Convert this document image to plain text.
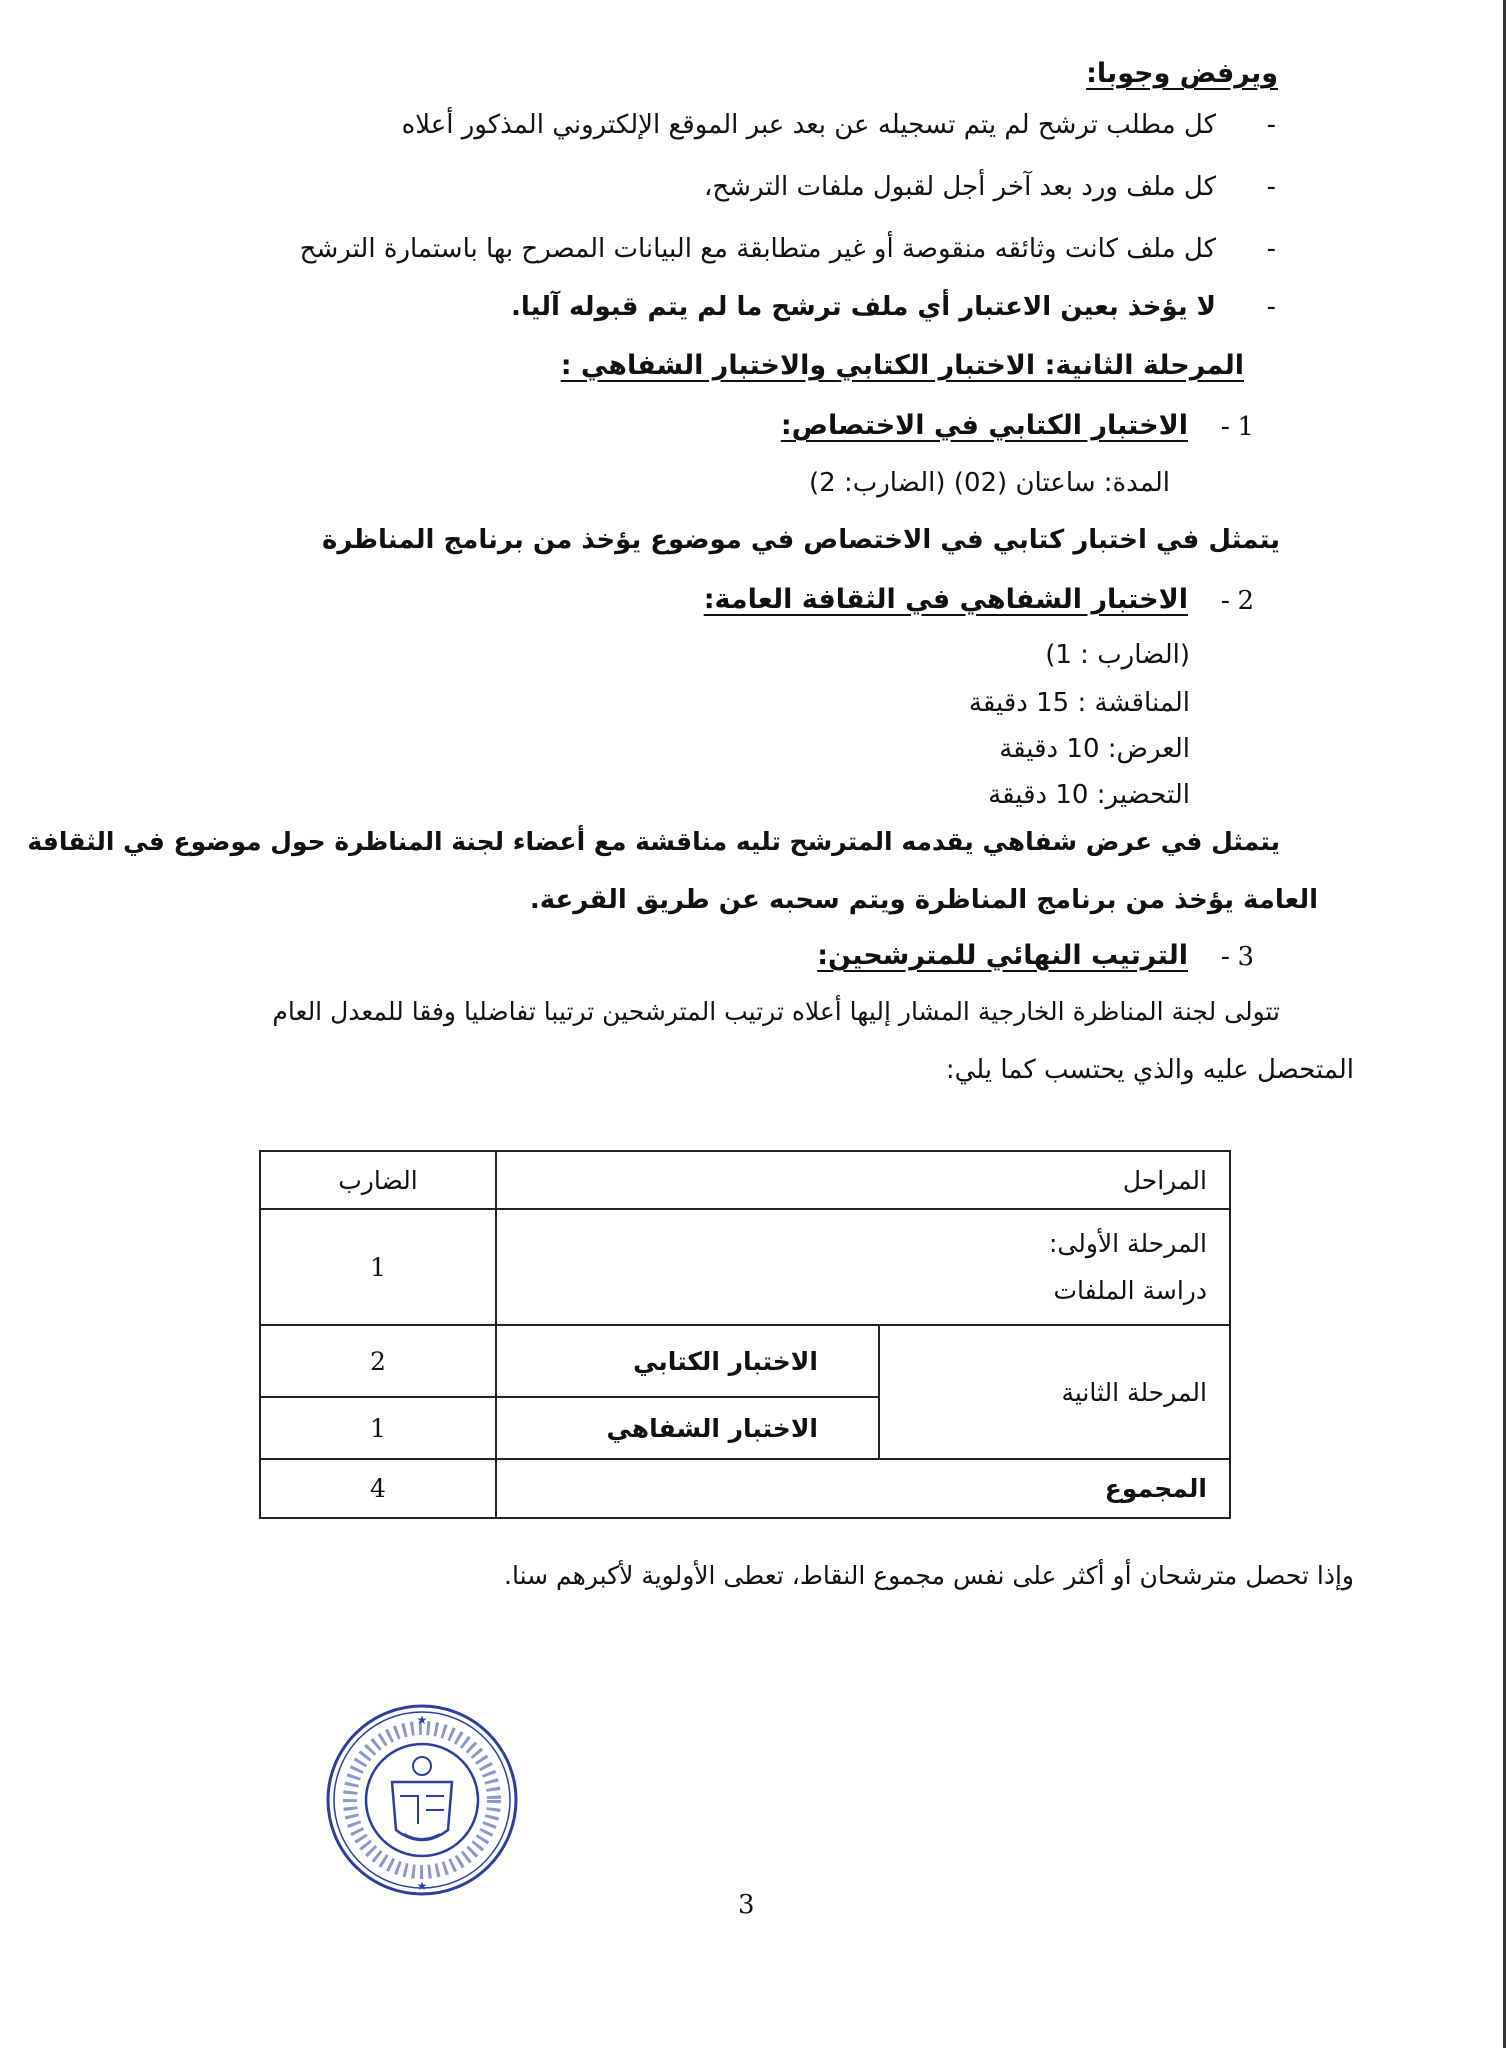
ويرفض وجوبا:
-
كل مطلب ترشح لم يتم تسجيله عن بعد عبر الموقع الإلكتروني المذكور أعلاه
-
كل ملف ورد بعد آخر أجل لقبول ملفات الترشح،
-
كل ملف كانت وثائقه منقوصة أو غير متطابقة مع البيانات المصرح بها باستمارة الترشح
-
لا يؤخذ بعين الاعتبار أي ملف ترشح ما لم يتم قبوله آليا.
المرحلة الثانية: الاختبار الكتابي والاختبار الشفاهي :
1
-
الاختبار الكتابي في الاختصاص:
المدة: ساعتان (02) (الضارب: 2)
يتمثل في اختبار كتابي في الاختصاص في موضوع يؤخذ من برنامج المناظرة
2
-
الاختبار الشفاهي في الثقافة العامة:
(الضارب : 1)
المناقشة : 15 دقيقة
العرض: 10 دقيقة
التحضير: 10 دقيقة
يتمثل في عرض شفاهي يقدمه المترشح تليه مناقشة مع أعضاء لجنة المناظرة حول موضوع في الثقافة
العامة يؤخذ من برنامج المناظرة ويتم سحبه عن طريق القرعة.
3
-
الترتيب النهائي للمترشحين:
تتولى لجنة المناظرة الخارجية المشار إليها أعلاه ترتيب المترشحين ترتيبا تفاضليا وفقا للمعدل العام
المتحصل عليه والذي يحتسب كما يلي:
المراحل		الضارب

المرحلة الأولى:
دراسة الملفات		1
المرحلة الثانية	الاختبار الكتابي	2
	الاختبار الشفاهي	1
المجموع		4
وإذا تحصل مترشحان أو أكثر على نفس مجموع النقاط، تعطى الأولوية لأكبرهم سنا.
★
★
3
